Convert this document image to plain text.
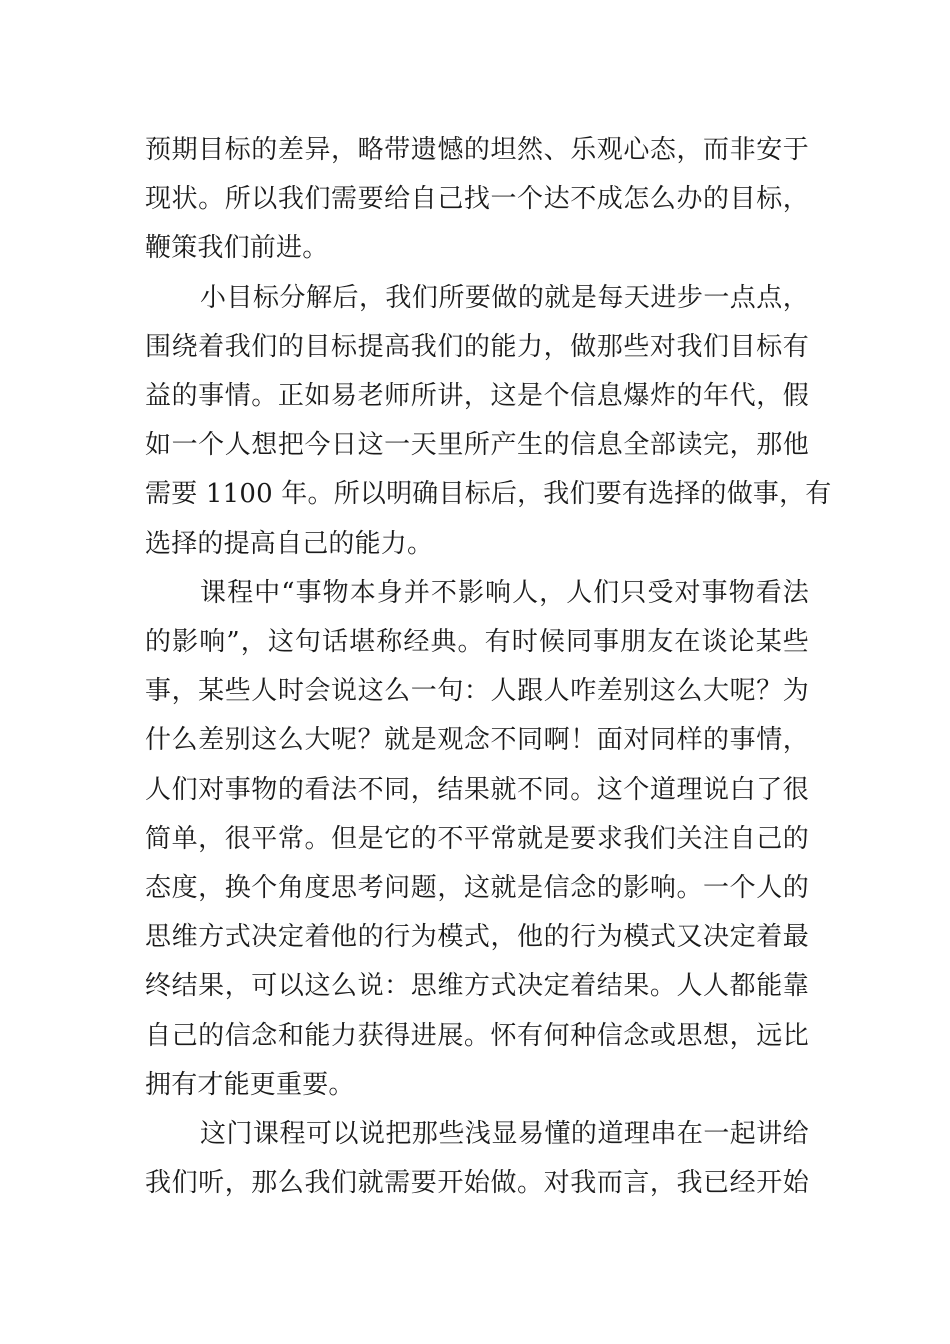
预期目标的差异，略带遗憾的坦然、乐观心态，而非安于
现状。所以我们需要给自己找一个达不成怎么办的目标，
鞭策我们前进。
小目标分解后，我们所要做的就是每天进步一点点，
围绕着我们的目标提高我们的能力，做那些对我们目标有
益的事情。正如易老师所讲，这是个信息爆炸的年代，假
如一个人想把今日这一天里所产生的信息全部读完，那他
需要 1100 年。所以明确目标后，我们要有选择的做事，有
选择的提高自己的能力。
课程中“事物本身并不影响人，人们只受对事物看法
的影响”，这句话堪称经典。有时候同事朋友在谈论某些
事，某些人时会说这么一句：人跟人咋差别这么大呢？为
什么差别这么大呢？就是观念不同啊！面对同样的事情，
人们对事物的看法不同，结果就不同。这个道理说白了很
简单，很平常。但是它的不平常就是要求我们关注自己的
态度，换个角度思考问题，这就是信念的影响。一个人的
思维方式决定着他的行为模式，他的行为模式又决定着最
终结果，可以这么说：思维方式决定着结果。人人都能靠
自己的信念和能力获得进展。怀有何种信念或思想，远比
拥有才能更重要。
这门课程可以说把那些浅显易懂的道理串在一起讲给
我们听，那么我们就需要开始做。对我而言，我已经开始
